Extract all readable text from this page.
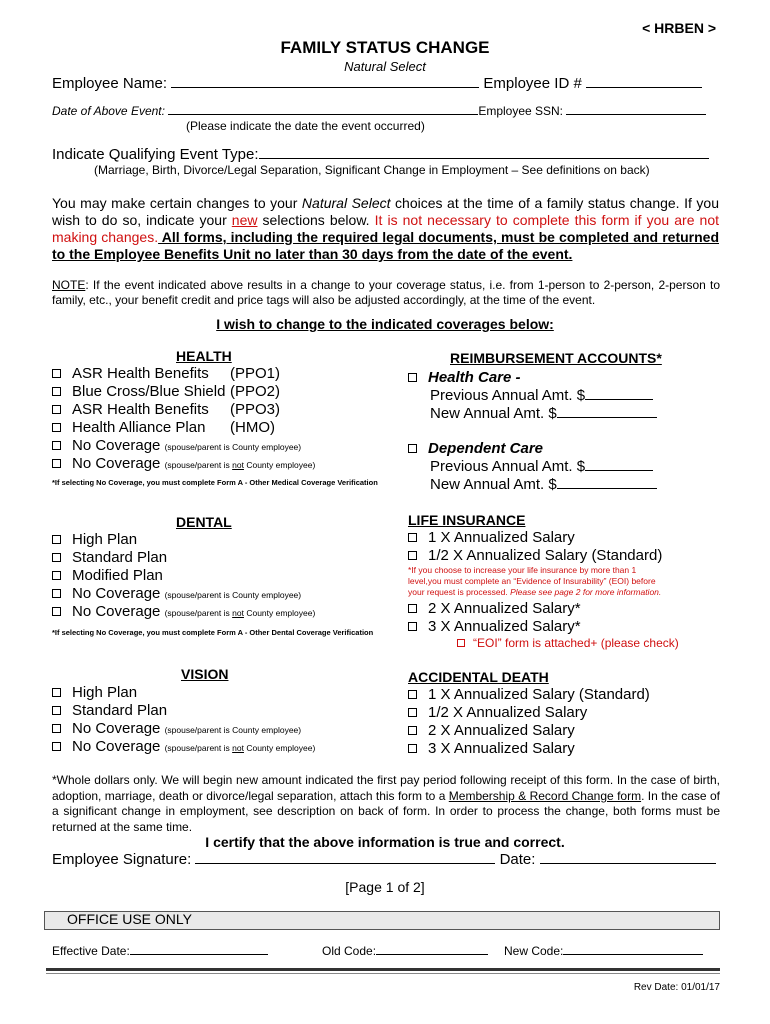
< HRBEN >
FAMILY STATUS CHANGE
Natural Select
Employee Name:	Employee ID #
Date of Above Event:	Employee SSN:
(Please indicate the date the event occurred)
Indicate Qualifying Event Type:
(Marriage, Birth, Divorce/Legal Separation, Significant Change in Employment – See definitions on back)
You may make certain changes to your Natural Select choices at the time of a family status change. If you wish to do so, indicate your new selections below. It is not necessary to complete this form if you are not making changes. All forms, including the required legal documents, must be completed and returned to the Employee Benefits Unit no later than 30 days from the date of the event.
NOTE: If the event indicated above results in a change to your coverage status, i.e. from 1-person to 2-person, 2-person to family, etc., your benefit credit and price tags will also be adjusted accordingly, at the time of the event.
I wish to change to the indicated coverages below:
HEALTH
ASR Health Benefits (PPO1)
Blue Cross/Blue Shield (PPO2)
ASR Health Benefits (PPO3)
Health Alliance Plan (HMO)
No Coverage (spouse/parent is County employee)
No Coverage (spouse/parent is not County employee)
*If selecting No Coverage, you must complete Form A - Other Medical Coverage Verification
REIMBURSEMENT ACCOUNTS*
Health Care -
Previous Annual Amt. $
New Annual Amt. $
Dependent Care
Previous Annual Amt. $
New Annual Amt. $
DENTAL
High Plan
Standard Plan
Modified Plan
No Coverage (spouse/parent is County employee)
No Coverage (spouse/parent is not County employee)
*If selecting No Coverage, you must complete Form A - Other Dental Coverage Verification
LIFE INSURANCE
1 X Annualized Salary
1/2 X Annualized Salary (Standard)
*If you choose to increase your life insurance by more than 1
level,you must complete an “Evidence of Insurability” (EOI) before
your request is processed. Please see page 2 for more information.
2 X Annualized Salary*
3 X Annualized Salary*
“EOI” form is attached+ (please check)
VISION
High Plan
Standard Plan
No Coverage (spouse/parent is County employee)
No Coverage (spouse/parent is not County employee)
ACCIDENTAL DEATH
1 X Annualized Salary (Standard)
1/2 X Annualized Salary
2 X Annualized Salary
3 X Annualized Salary
*Whole dollars only. We will begin new amount indicated the first pay period following receipt of this form. In the case of birth, adoption, marriage, death or divorce/legal separation, attach this form to a Membership & Record Change form. In the case of a significant change in employment, see description on back of form. In order to process the change, both forms must be returned at the same time.
I certify that the above information is true and correct.
Employee Signature:	Date:
[Page 1 of 2]
OFFICE USE ONLY
Effective Date:	Old Code:	New Code:
Rev Date: 01/01/17
